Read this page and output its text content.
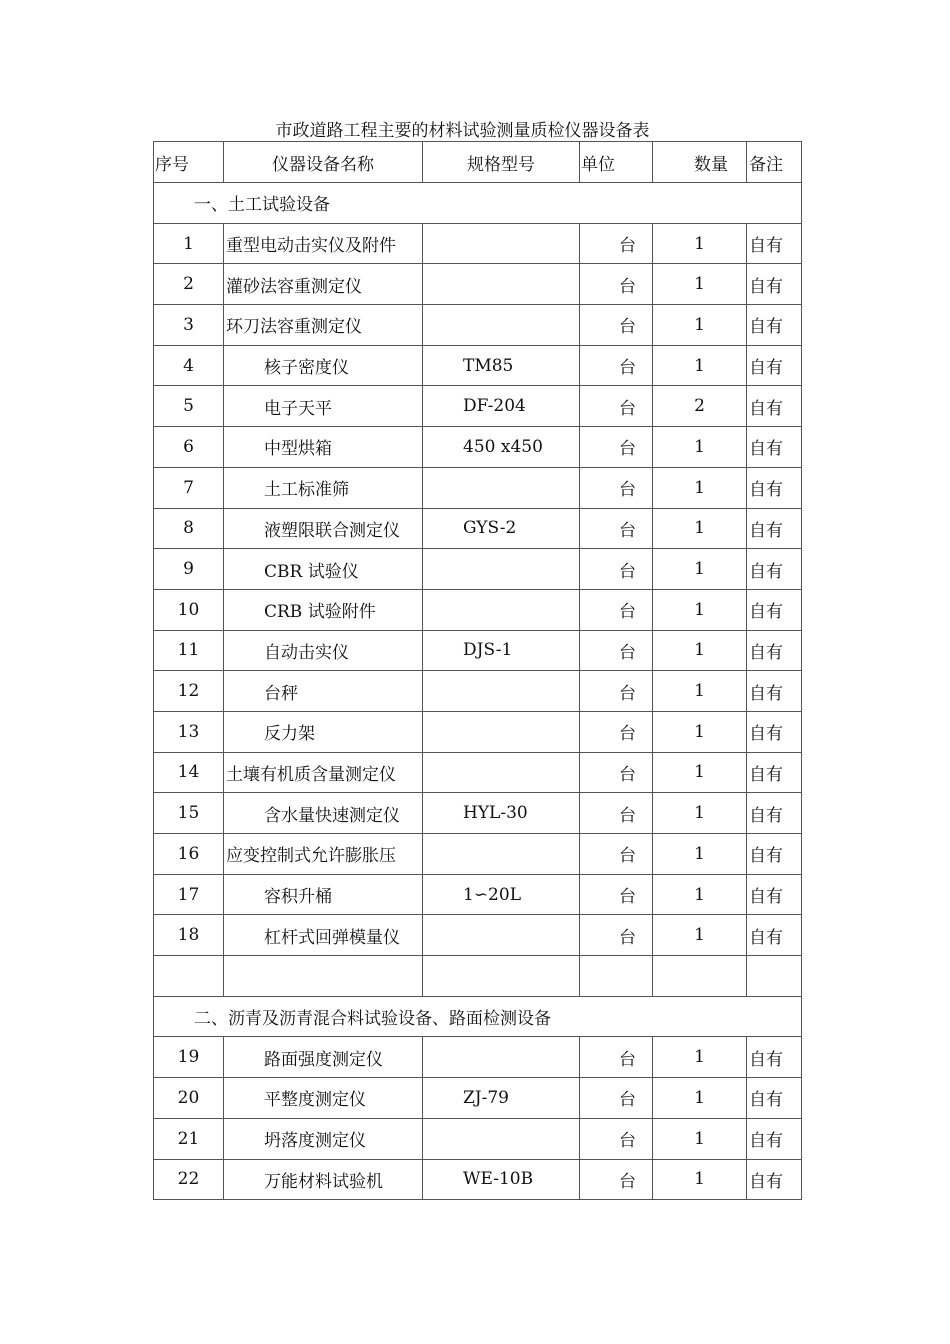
市政道路工程主要的材料试验测量质检仪器设备表
序号	仪器设备名称	规格型号	单位	数量	备注
一、土工试验设备					
1	重型电动击实仪及附件		台	1	自有
2	灌砂法容重测定仪		台	1	自有
3	环刀法容重测定仪		台	1	自有
4	核子密度仪	TM85	台	1	自有
5	电子天平	DF-204	台	2	自有
6	中型烘箱	450 x450	台	1	自有
7	土工标准筛		台	1	自有
8	液塑限联合测定仪	GYS-2	台	1	自有
9	CBR 试验仪		台	1	自有
10	CRB 试验附件		台	1	自有
11	自动击实仪	DJS-1	台	1	自有
12	台秤		台	1	自有
13	反力架		台	1	自有
14	土壤有机质含量测定仪		台	1	自有
15	含水量快速测定仪	HYL-30	台	1	自有
16	应变控制式允许膨胀压		台	1	自有
17	容积升桶	1∽20L	台	1	自有
18	杠杆式回弹模量仪		台	1	自有

二、沥青及沥青混合料试验设备、路面检测设备					
19	路面强度测定仪		台	1	自有
20	平整度测定仪	ZJ-79	台	1	自有
21	坍落度测定仪		台	1	自有
22	万能材料试验机	WE-10B	台	1	自有
